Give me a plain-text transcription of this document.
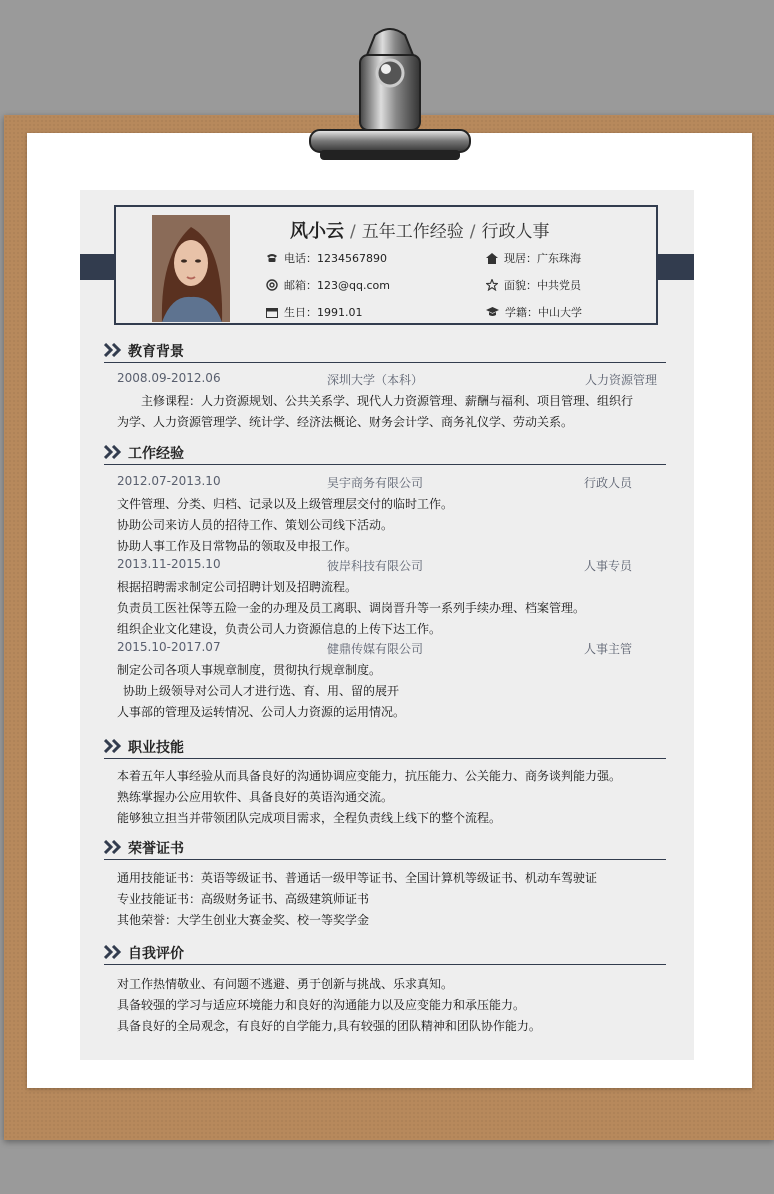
风小云 / 五年工作经验 / 行政人事
电话：1234567890
邮箱：123@qq.com
生日：1991.01
现居：广东珠海
面貌：中共党员
学籍：中山大学
教育背景
2008.09-2012.06	深圳大学（本科）	人力资源管理
主修课程：人力资源规划、公共关系学、现代人力资源管理、薪酬与福利、项目管理、组织行
为学、人力资源管理学、统计学、经济法概论、财务会计学、商务礼仪学、劳动关系。
工作经验
2012.07-2013.10	昊宇商务有限公司	行政人员
文件管理、分类、归档、记录以及上级管理层交付的临时工作。
协助公司来访人员的招待工作、策划公司线下活动。
协助人事工作及日常物品的领取及申报工作。
2013.11-2015.10	彼岸科技有限公司	人事专员
根据招聘需求制定公司招聘计划及招聘流程。
负责员工医社保等五险一金的办理及员工离职、调岗晋升等一系列手续办理、档案管理。
组织企业文化建设，负责公司人力资源信息的上传下达工作。
2015.10-2017.07	健鼎传媒有限公司	人事主管
制定公司各项人事规章制度，贯彻执行规章制度。
协助上级领导对公司人才进行选、育、用、留的展开
人事部的管理及运转情况、公司人力资源的运用情况。
职业技能
本着五年人事经验从而具备良好的沟通协调应变能力，抗压能力、公关能力、商务谈判能力强。
熟练掌握办公应用软件、具备良好的英语沟通交流。
能够独立担当并带领团队完成项目需求，全程负责线上线下的整个流程。
荣誉证书
通用技能证书：英语等级证书、普通话一级甲等证书、全国计算机等级证书、机动车驾驶证
专业技能证书：高级财务证书、高级建筑师证书
其他荣誉：大学生创业大赛金奖、校一等奖学金
自我评价
对工作热情敬业、有问题不逃避、勇于创新与挑战、乐求真知。
具备较强的学习与适应环境能力和良好的沟通能力以及应变能力和承压能力。
具备良好的全局观念，有良好的自学能力,具有较强的团队精神和团队协作能力。
